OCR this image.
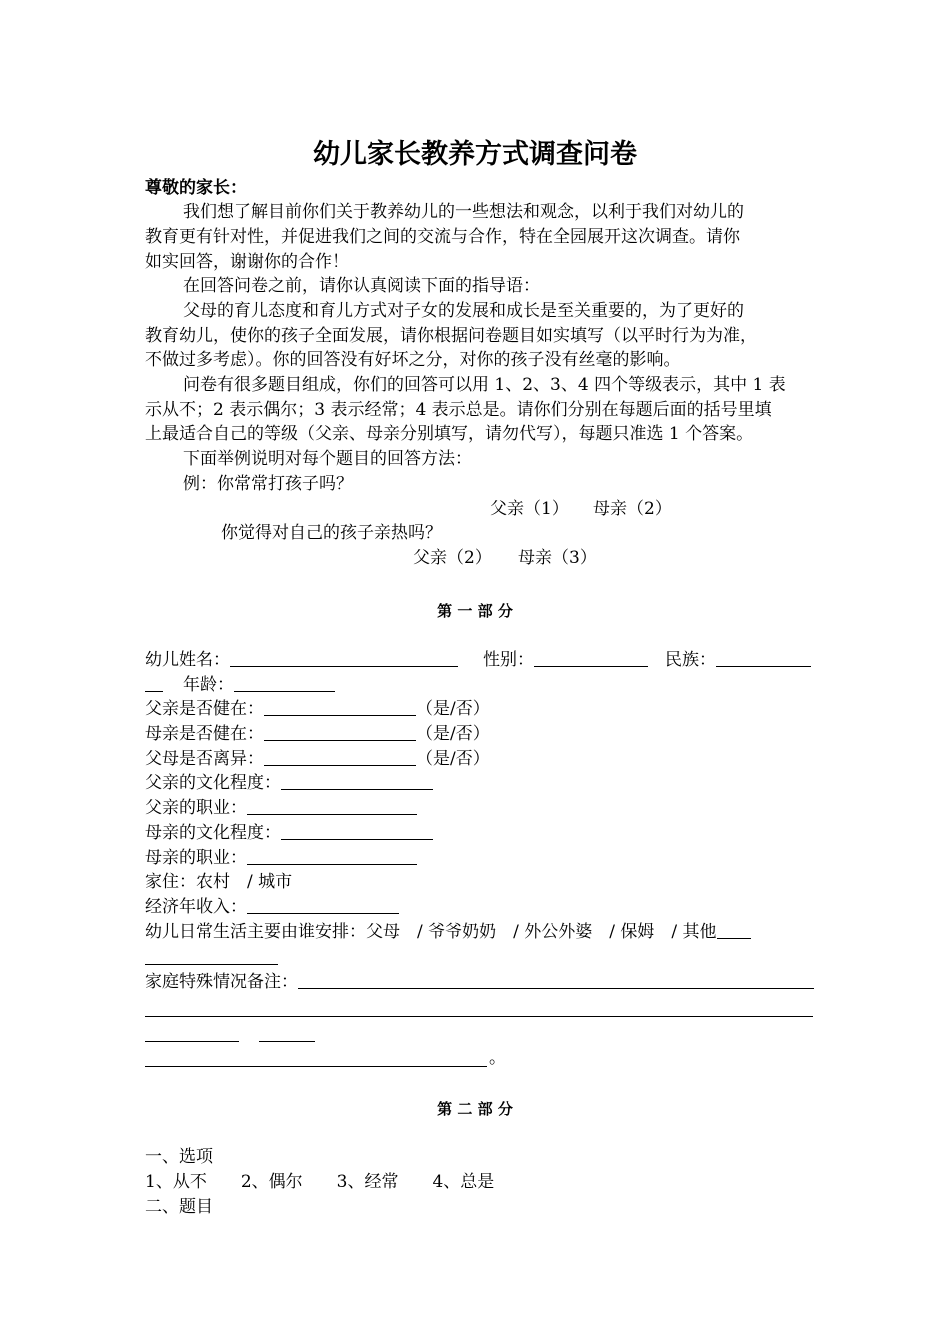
幼儿家长教养方式调查问卷
尊敬的家长：
我们想了解目前你们关于教养幼儿的一些想法和观念，以利于我们对幼儿的
教育更有针对性，并促进我们之间的交流与合作，特在全园展开这次调查。请你
如实回答，谢谢你的合作！
在回答问卷之前，请你认真阅读下面的指导语：
父母的育儿态度和育儿方式对子女的发展和成长是至关重要的，为了更好的
教育幼儿，使你的孩子全面发展，请你根据问卷题目如实填写（以平时行为为准，
不做过多考虑）。你的回答没有好坏之分，对你的孩子没有丝毫的影响。
问卷有很多题目组成，你们的回答可以用 1、2、3、4 四个等级表示，其中 1 表
示从不；2 表示偶尔；3 表示经常；4 表示总是。请你们分别在每题后面的括号里填
上最适合自己的等级（父亲、母亲分别填写，请勿代写），每题只准选 1 个答案。
下面举例说明对每个题目的回答方法：
例：你常常打孩子吗？
父亲（1） 母亲（2）
你觉得对自己的孩子亲热吗？
父亲（2） 母亲（3）
第 一 部 分
幼儿姓名：	性别：	民族：
年龄：
父亲是否健在：	（是/否）
母亲是否健在：	（是/否）
父母是否离异：	（是/否）
父亲的文化程度：
父亲的职业：
母亲的文化程度：
母亲的职业：
家住：农村　/ 城市
经济年收入：
幼儿日常生活主要由谁安排：父母　/ 爷爷奶奶　/ 外公外婆　/ 保姆　/ 其他
家庭特殊情况备注：
。
第 二 部 分
一、选项
1、从不　　2、偶尔　　3、经常　　4、总是
二、题目
